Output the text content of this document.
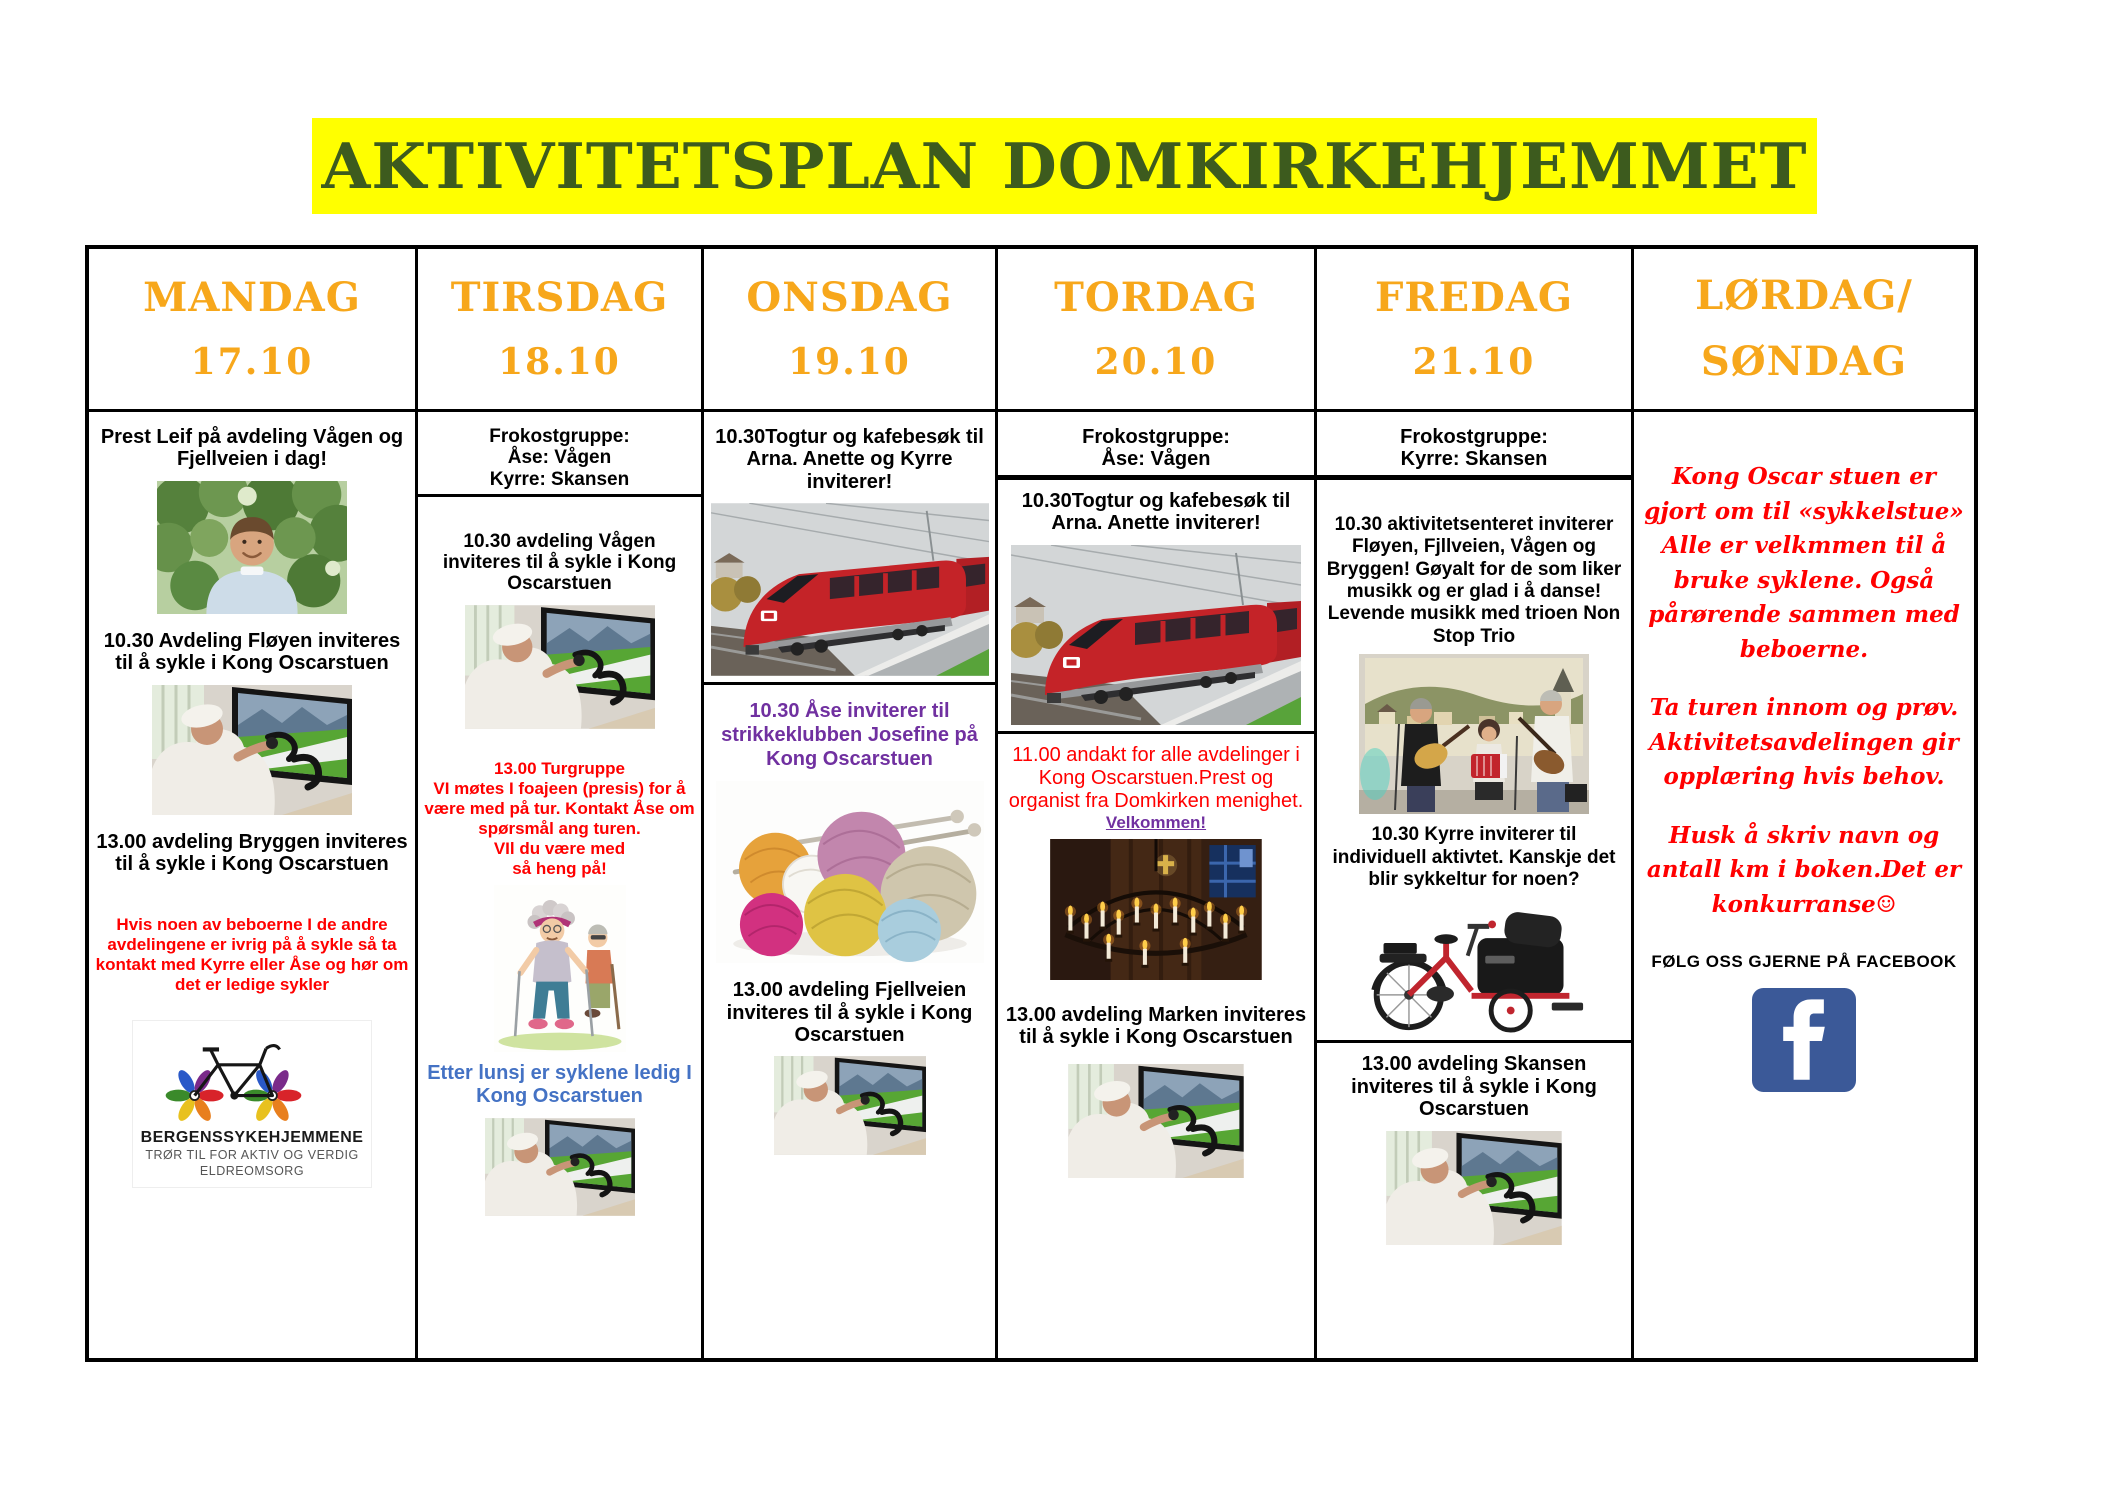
AKTIVITETSPLAN DOMKIRKEHJEMMET
MANDAG
17.10
Prest Leif på avdeling Vågen og Fjellveien i dag!
10.30 Avdeling Fløyen inviteres til å sykle i Kong Oscarstuen
13.00 avdeling Bryggen inviteres til å sykle i Kong Oscarstuen
Hvis noen av beboerne I de andre avdelingene er ivrig på å sykle så ta kontakt med Kyrre eller Åse og hør om det er ledige sykler
BERGENSSYKEHJEMMENE
TRØR TIL FOR AKTIV OG VERDIG
ELDREOMSORG
TIRSDAG
18.10
Frokostgruppe:
Åse: Vågen
Kyrre: Skansen
10.30 avdeling Vågen inviteres til å sykle i Kong Oscarstuen
13.00 Turgruppe
VI møtes I foajeen (presis) for å være med på tur. Kontakt Åse om spørsmål ang turen.
VIl du være med
så heng på!
Etter lunsj er syklene ledig I Kong Oscarstuen
ONSDAG
19.10
10.30Togtur og kafebesøk til Arna. Anette og Kyrre inviterer!
10.30 Åse inviterer til strikkeklubben Josefine på Kong Oscarstuen
13.00 avdeling Fjellveien inviteres til å sykle i Kong Oscarstuen
TORDAG
20.10
Frokostgruppe:
Åse: Vågen
10.30Togtur og kafebesøk til Arna. Anette inviterer!
11.00 andakt for alle avdelinger i Kong Oscarstuen.Prest og organist fra Domkirken menighet.
Velkommen!
13.00 avdeling Marken inviteres til å sykle i Kong Oscarstuen
FREDAG
21.10
Frokostgruppe:
Kyrre: Skansen
10.30 aktivitetsenteret inviterer Fløyen, Fjllveien, Vågen og Bryggen! Gøyalt for de som liker musikk og er glad i å danse! Levende musikk med trioen Non Stop Trio
10.30 Kyrre inviterer til individuell aktivtet. Kanskje det blir sykkeltur for noen?
13.00 avdeling Skansen inviteres til å sykle i Kong Oscarstuen
LØRDAG/
SØNDAG
Kong Oscar stuen er gjort om til «sykkelstue» Alle er velkmmen til å bruke syklene. Også pårørende sammen med beboerne.
Ta turen innom og prøv. Aktivitetsavdelingen gir opplæring hvis behov.
Husk å skriv navn og antall km i boken.Det er konkurranse☺
FØLG OSS GJERNE PÅ FACEBOOK
